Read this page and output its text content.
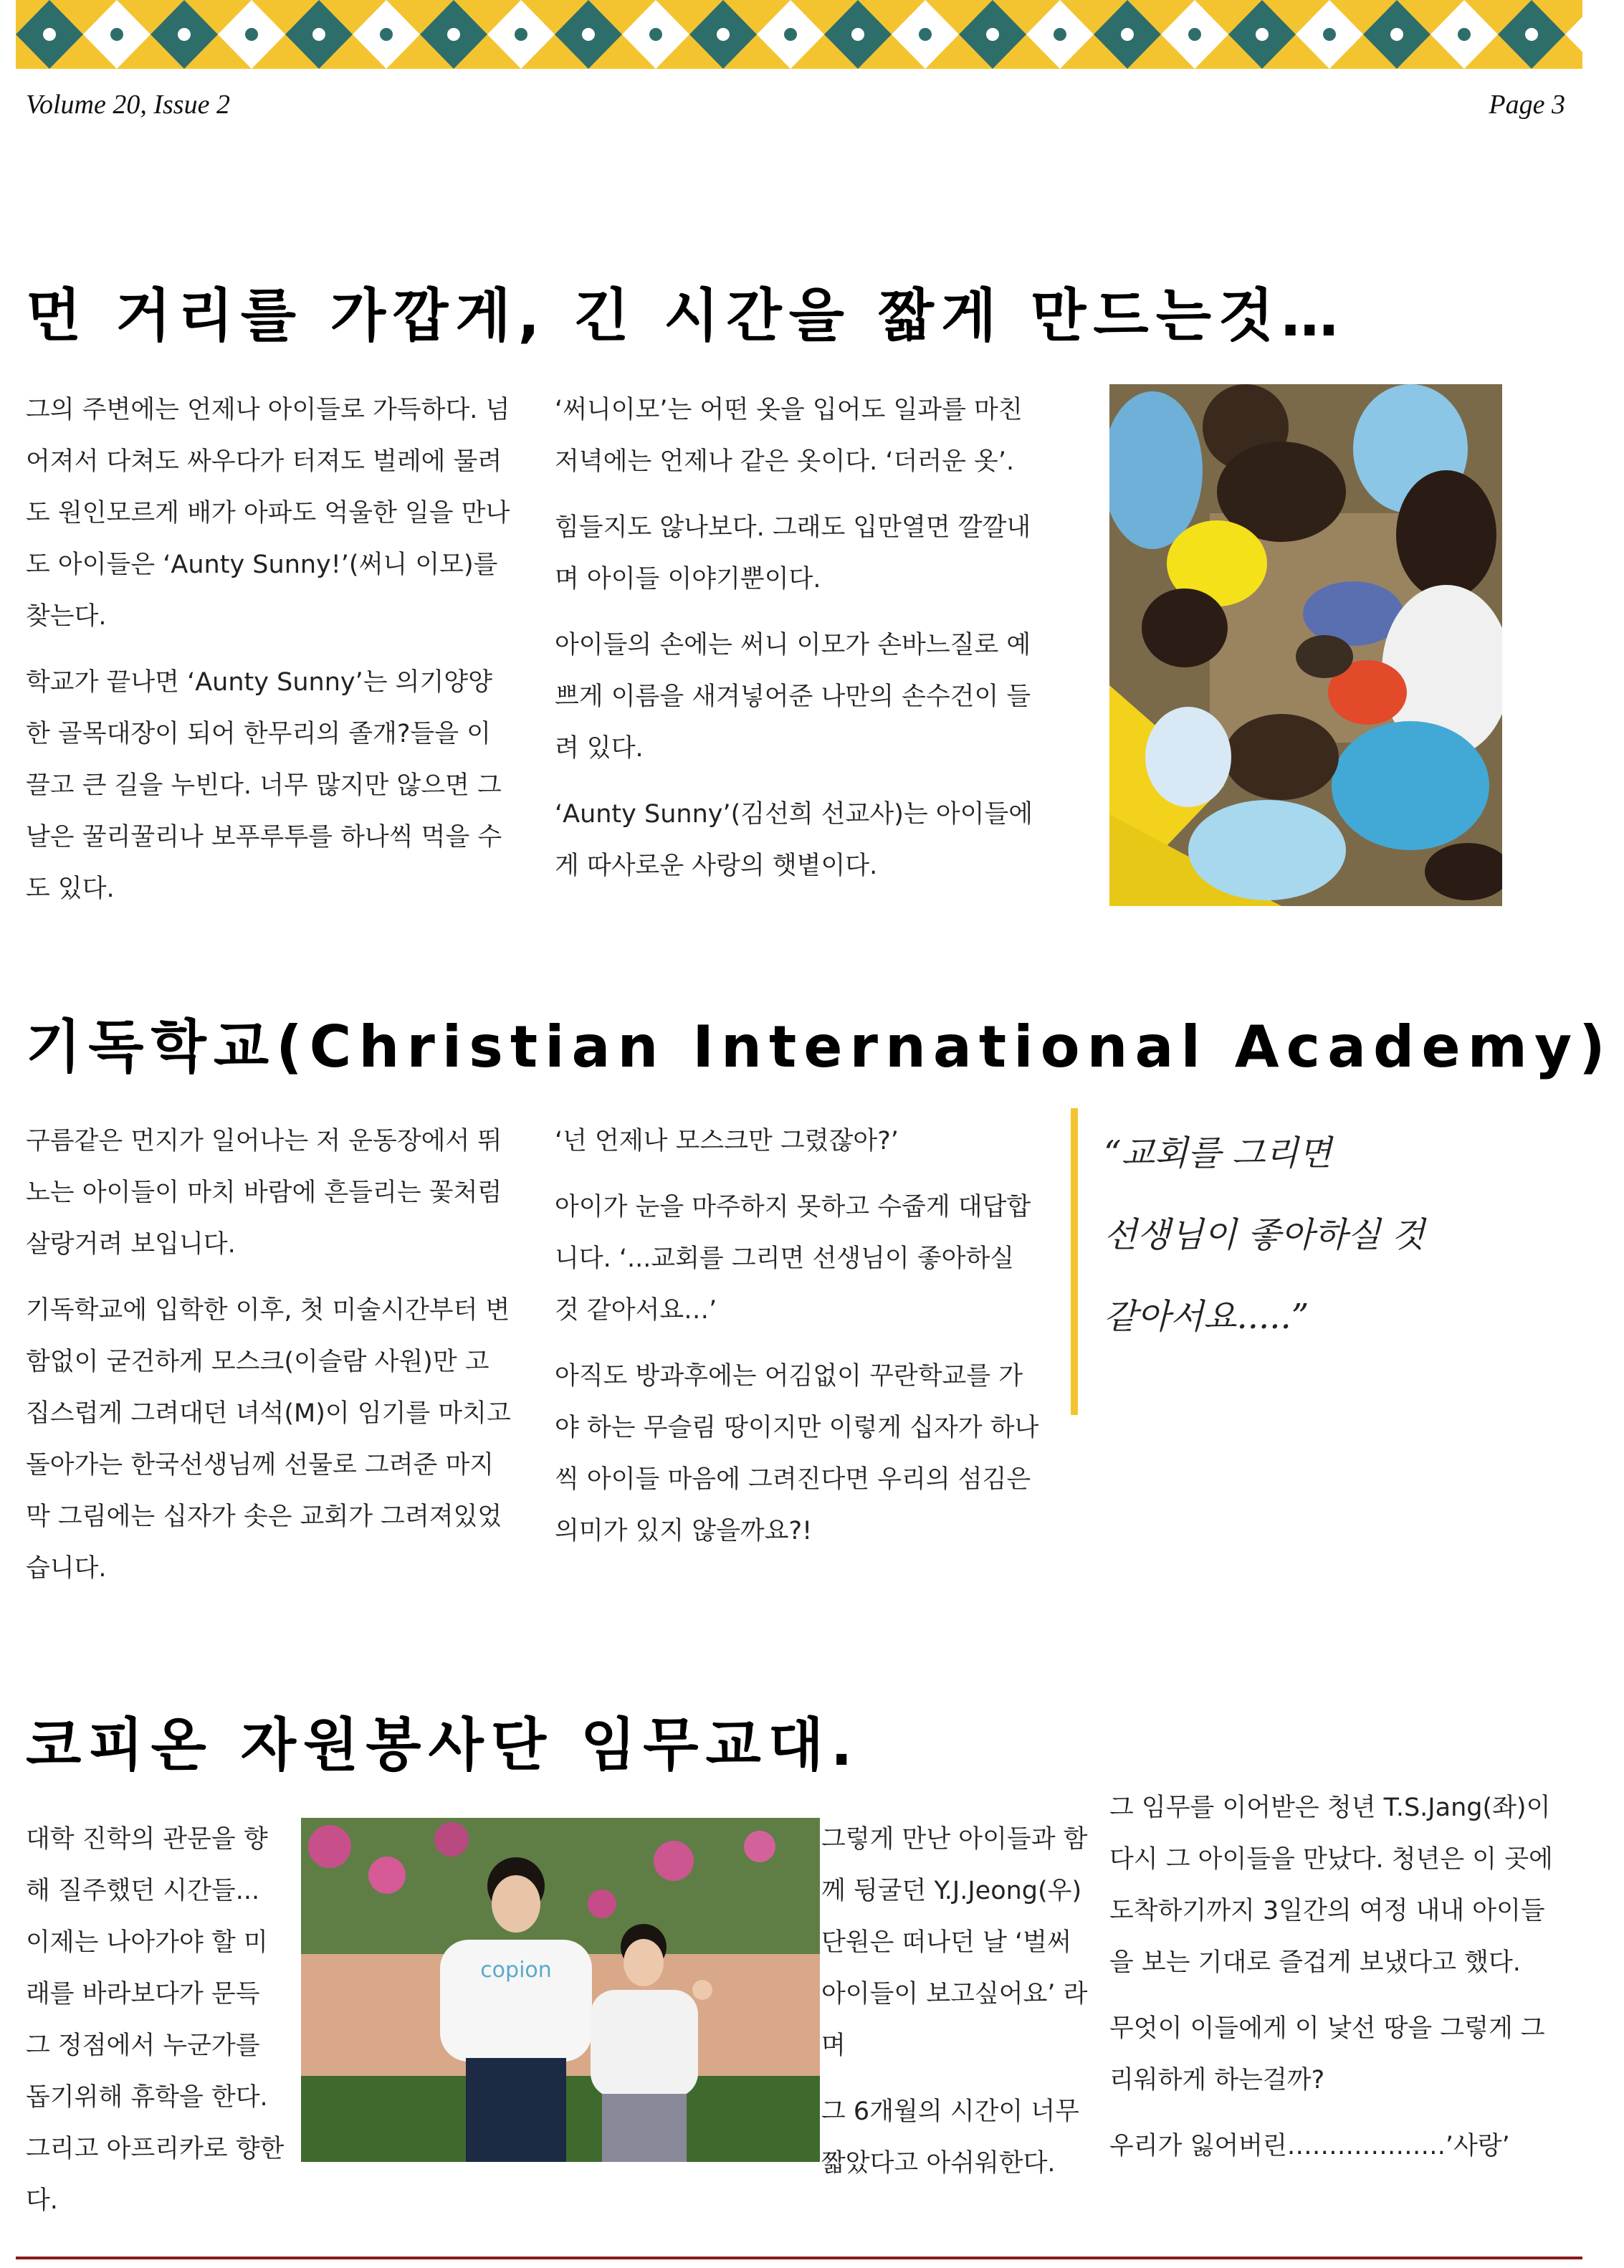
Volume 20, Issue 2	Page 3
먼 거리를 가깝게, 긴 시간을 짧게 만드는것…

그의 주변에는 언제나 아이들로 가득하다. 넘어져서 다쳐도 싸우다가 터져도 벌레에 물려도 원인모르게 배가 아파도 억울한 일을 만나도 아이들은 ‘Aunty Sunny!’(써니 이모)를 찾는다.

학교가 끝나면 ‘Aunty Sunny’는 의기양양한 골목대장이 되어 한무리의 졸개?들을 이끌고 큰 길을 누빈다. 너무 많지만 않으면 그 날은 꿀리꿀리나 보푸루투를 하나씩 먹을 수 도 있다.

‘써니이모’는 어떤 옷을 입어도 일과를 마친 저녁에는 언제나 같은 옷이다. ‘더러운 옷’.

힘들지도 않나보다. 그래도 입만열면 깔깔내며 아이들 이야기뿐이다.

아이들의 손에는 써니 이모가 손바느질로 예쁘게 이름을 새겨넣어준 나만의 손수건이 들려 있다.

‘Aunty Sunny’(김선희 선교사)는 아이들에게 따사로운 사랑의 햇볕이다.

기독학교(Christian International Academy)

구름같은 먼지가 일어나는 저 운동장에서 뛰노는 아이들이 마치 바람에 흔들리는 꽃처럼 살랑거려 보입니다.

기독학교에 입학한 이후, 첫 미술시간부터 변함없이 굳건하게 모스크(이슬람 사원)만 고집스럽게 그려대던 녀석(M)이 임기를 마치고 돌아가는 한국선생님께 선물로 그려준 마지막 그림에는 십자가 솟은 교회가 그려져있었습니다.

‘넌 언제나 모스크만 그렸잖아?’

아이가 눈을 마주하지 못하고 수줍게 대답합니다. ‘...교회를 그리면 선생님이 좋아하실 것 같아서요…’

아직도 방과후에는 어김없이 꾸란학교를 가야 하는 무슬림 땅이지만 이렇게 십자가 하나씩 아이들 마음에 그려진다면 우리의 섬김은 의미가 있지 않을까요?!

“교회를 그리면
선생님이 좋아하실 것
같아서요.....”
코피온 자원봉사단 임무교대.

대학 진학의 관문을 향해 질주했던 시간들... 이제는 나아가야 할 미래를 바라보다가 문득 그 정점에서 누군가를 돕기위해 휴학을 한다. 그리고 아프리카로 향한다.

copion

그렇게 만난 아이들과 함께 뒹굴던 Y.J.Jeong(우)단원은 떠나던 날 ‘벌써 아이들이 보고싶어요’ 라며

그 6개월의 시간이 너무 짧았다고 아쉬워한다.

그 임무를 이어받은 청년 T.S.Jang(좌)이 다시 그 아이들을 만났다. 청년은 이 곳에 도착하기까지 3일간의 여정 내내 아이들을 보는 기대로 즐겁게 보냈다고 했다.

무엇이 이들에게 이 낯선 땅을 그렇게 그리워하게 하는걸까?

우리가 잃어버린……………….’사랑’
